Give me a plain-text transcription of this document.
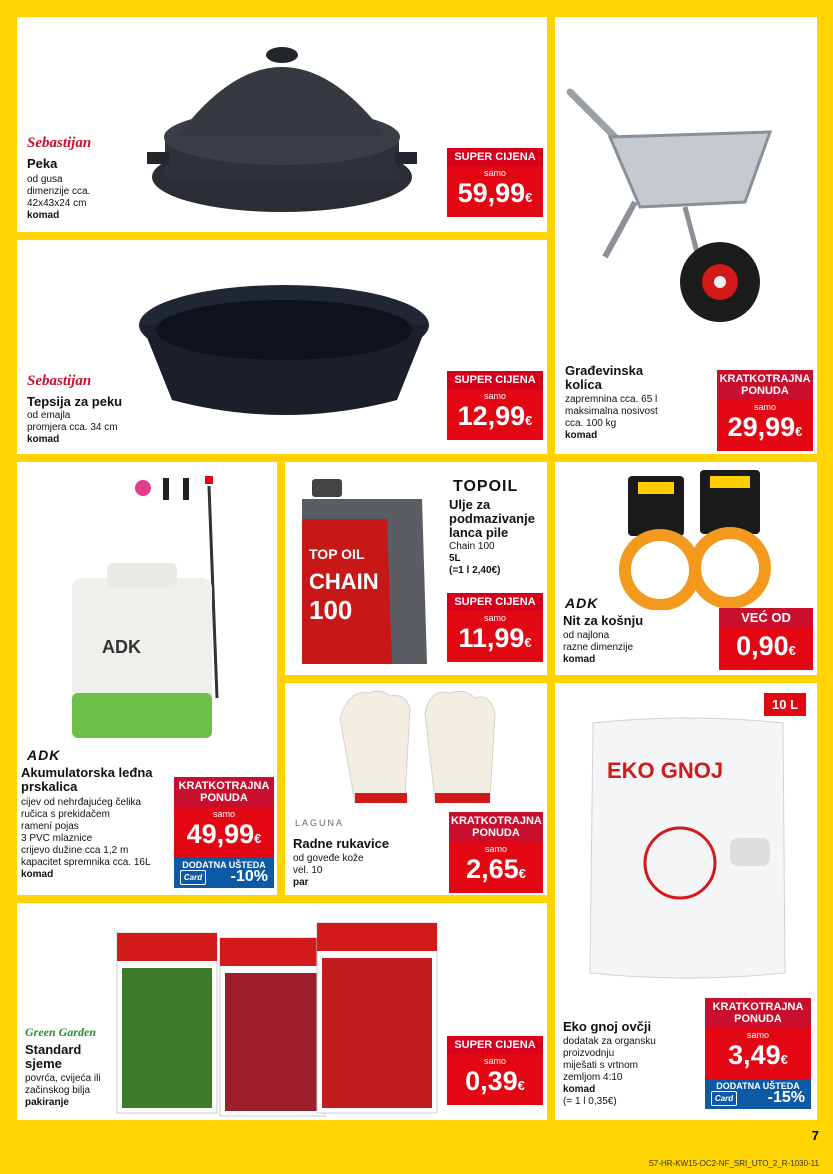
Sebastijan
Peka
od gusa
dimenzije cca.
42x43x24 cm
komad
SUPER CIJENA
samo
59,99€
Građevinska
kolica
zapremnina cca. 65 l
maksimalna nosivost
cca. 100 kg
komad
KRATKOTRAJNA
PONUDA
samo
29,99€
Sebastijan
Tepsija za peku
od emajla
promjera cca. 34 cm
komad
SUPER CIJENA
samo
12,99€
ADK
ADK
Akumulatorska leđna
prskalica
cijev od nehrđajućeg čelika
ručica s prekidačem
ramení pojas
3 PVC mlaznice
crijevo dužine cca 1,2 m
kapacitet spremnika cca. 16L
komad
KRATKOTRAJNA
PONUDA
samo
49,99€
DODATNA UŠTEDA
Card -10%
TOP OIL
CHAIN
100
TOPOIL
Ulje za
podmazivanje
lanca pile
Chain 100
5L
(=1 l 2,40€)
SUPER CIJENA
samo
11,99€
ADK
Nit za košnju
od najlona
razne dimenzije
komad
VEĆ OD
0,90€
LAGUNA
Radne rukavice
od goveđe kože
vel. 10
par
KRATKOTRAJNA
PONUDA
samo
2,65€
10 L
EKO GNOJ
Eko gnoj ovčji
dodatak za organsku
proizvodnju
miješati s vrtnom
zemljom 4:10
komad
(= 1 l 0,35€)
KRATKOTRAJNA
PONUDA
samo
3,49€
DODATNA UŠTEDA
Card -15%
Green Garden
Standard
sjeme
povrća, cvijeća ili
začinskog bilja
pakiranje
SUPER CIJENA
samo
0,39€
7
S7-HR-KW15-OC2-NF_SRI_UTO_2_R-1030-11
